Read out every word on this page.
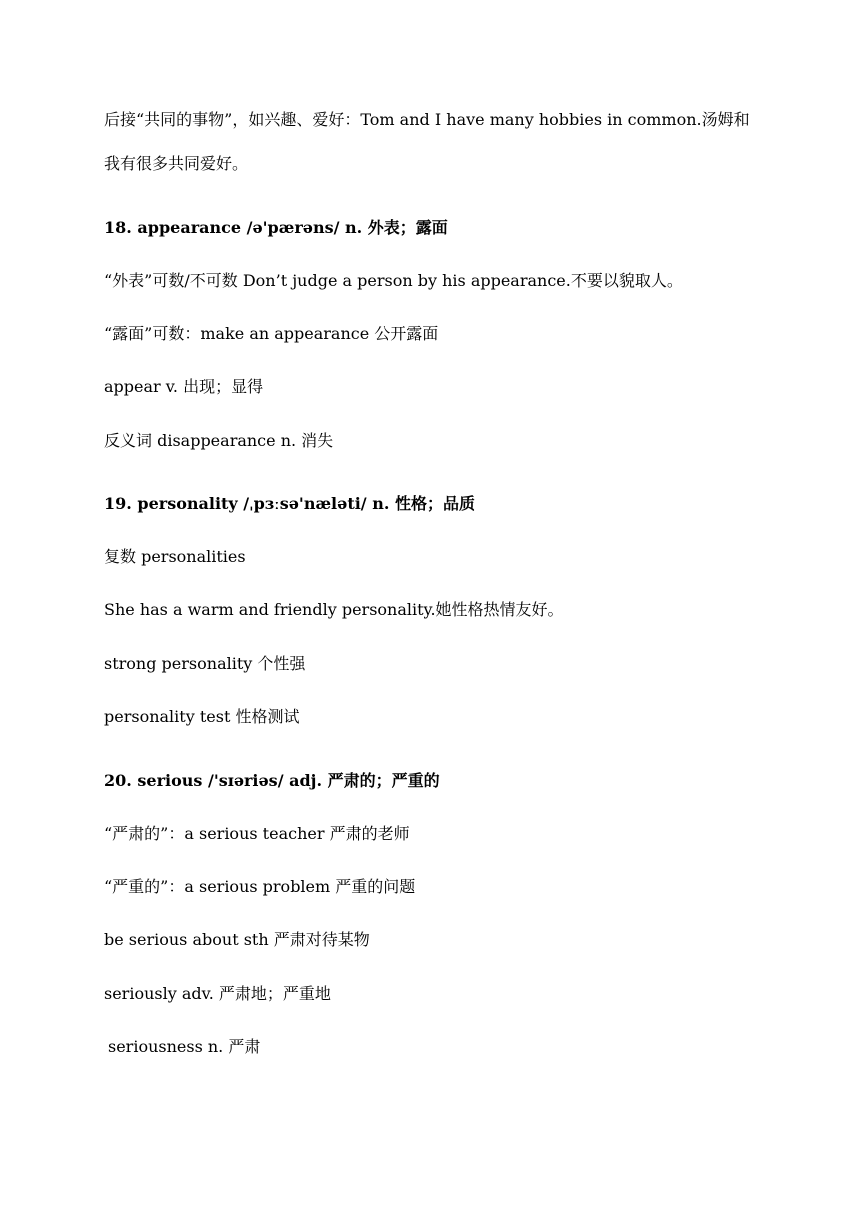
后接“共同的事物”，如兴趣、爱好：Tom and I have many hobbies in common.汤姆和
我有很多共同爱好。
18. appearance /ə'pærəns/ n. 外表；露面
“外表”可数/不可数 Don’t judge a person by his appearance.不要以貌取人。
“露面”可数：make an appearance 公开露面
appear v. 出现；显得
反义词 disappearance n. 消失
19. personality /ˌpɜːsə'næləti/ n. 性格；品质
复数 personalities
She has a warm and friendly personality.她性格热情友好。
strong personality 个性强
personality test 性格测试
20. serious /'sɪəriəs/ adj. 严肃的；严重的
“严肃的”：a serious teacher 严肃的老师
“严重的”：a serious problem 严重的问题
be serious about sth 严肃对待某物
seriously adv. 严肃地；严重地
seriousness n. 严肃
